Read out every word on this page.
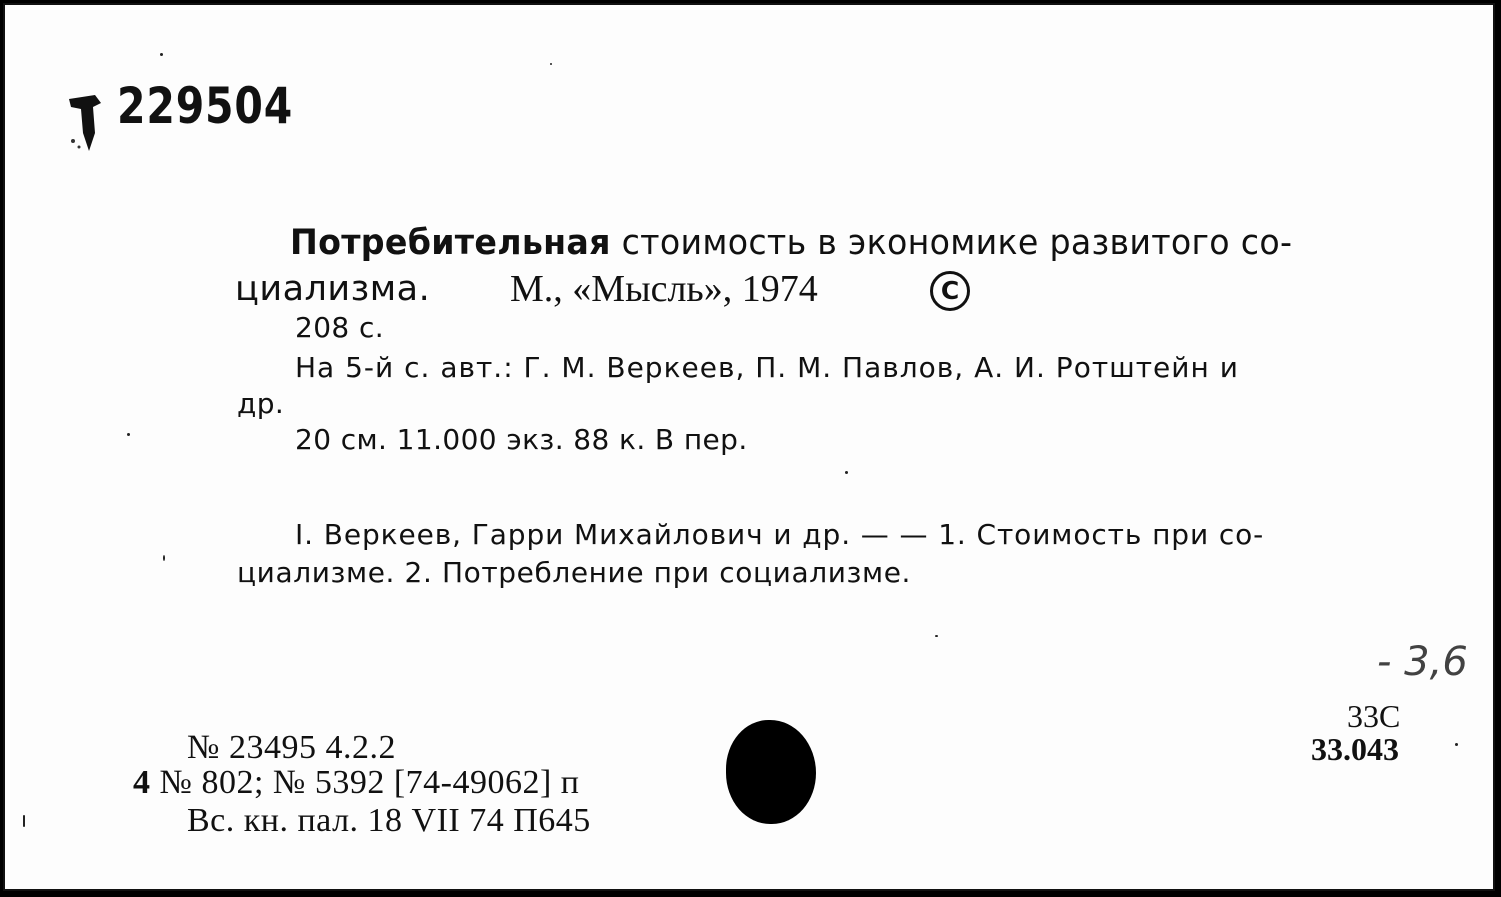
229504
Потребительная стоимость в экономике развитого со-
циализма. М., «Мысль», 1974	C
208 с.
На 5-й с. авт.: Г. М. Веркеев, П. М. Павлов, А. И. Ротштейн и
др.
20 см. 11.000 экз. 88 к. В пер.
I. Веркеев, Гарри Михайлович и др. — — 1. Стоимость при со-
циализме. 2. Потребление при социализме.
- 3,6
33С
33.043
№ 23495 4.2.2
4 № 802; № 5392 [74-49062] п
Вс. кн. пал. 18 VII 74 П645
